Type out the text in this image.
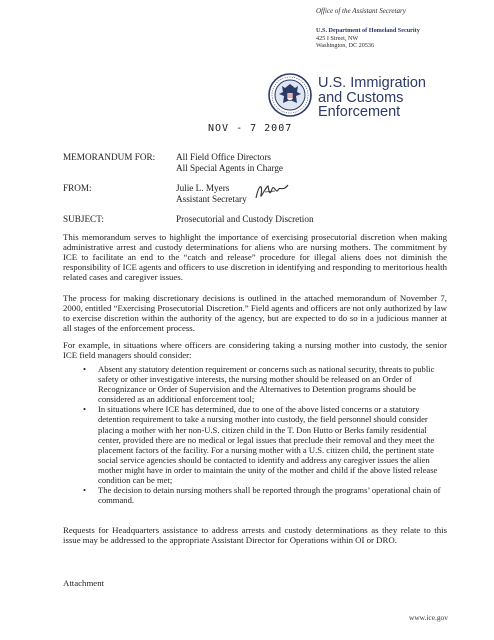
Office of the Assistant Secretary
U.S. Department of Homeland Security
425 I Street, NW
Washington, DC 20536
U.S. Immigration
and Customs
Enforcement
NOV - 7 2007
MEMORANDUM FOR: All Field Office Directors
All Special Agents in Charge
FROM:	Julie L. Myers
Assistant Secretary
SUBJECT:	Prosecutorial and Custody Discretion
This memorandum serves to highlight the importance of exercising prosecutorial discretion when making administrative arrest and custody determinations for aliens who are nursing mothers. The commitment by ICE to facilitate an end to the “catch and release” procedure for illegal aliens does not diminish the responsibility of ICE agents and officers to use discretion in identifying and responding to meritorious health related cases and caregiver issues.
The process for making discretionary decisions is outlined in the attached memorandum of November 7, 2000, entitled “Exercising Prosecutorial Discretion.” Field agents and officers are not only authorized by law to exercise discretion within the authority of the agency, but are expected to do so in a judicious manner at all stages of the enforcement process.
For example, in situations where officers are considering taking a nursing mother into custody, the senior ICE field managers should consider:
• Absent any statutory detention requirement or concerns such as national security, threats to public safety or other investigative interests, the nursing mother should be released on an Order of Recognizance or Order of Supervision and the Alternatives to Detention programs should be considered as an additional enforcement tool;
• In situations where ICE has determined, due to one of the above listed concerns or a statutory detention requirement to take a nursing mother into custody, the field personnel should consider placing a mother with her non-U.S. citizen child in the T. Don Hutto or Berks family residential center, provided there are no medical or legal issues that preclude their removal and they meet the placement factors of the facility. For a nursing mother with a U.S. citizen child, the pertinent state social service agencies should be contacted to identify and address any caregiver issues the alien mother might have in order to maintain the unity of the mother and child if the above listed release condition can be met;
• The decision to detain nursing mothers shall be reported through the programs’ operational chain of command.
Requests for Headquarters assistance to address arrests and custody determinations as they relate to this issue may be addressed to the appropriate Assistant Director for Operations within OI or DRO.
Attachment
www.ice.gov
